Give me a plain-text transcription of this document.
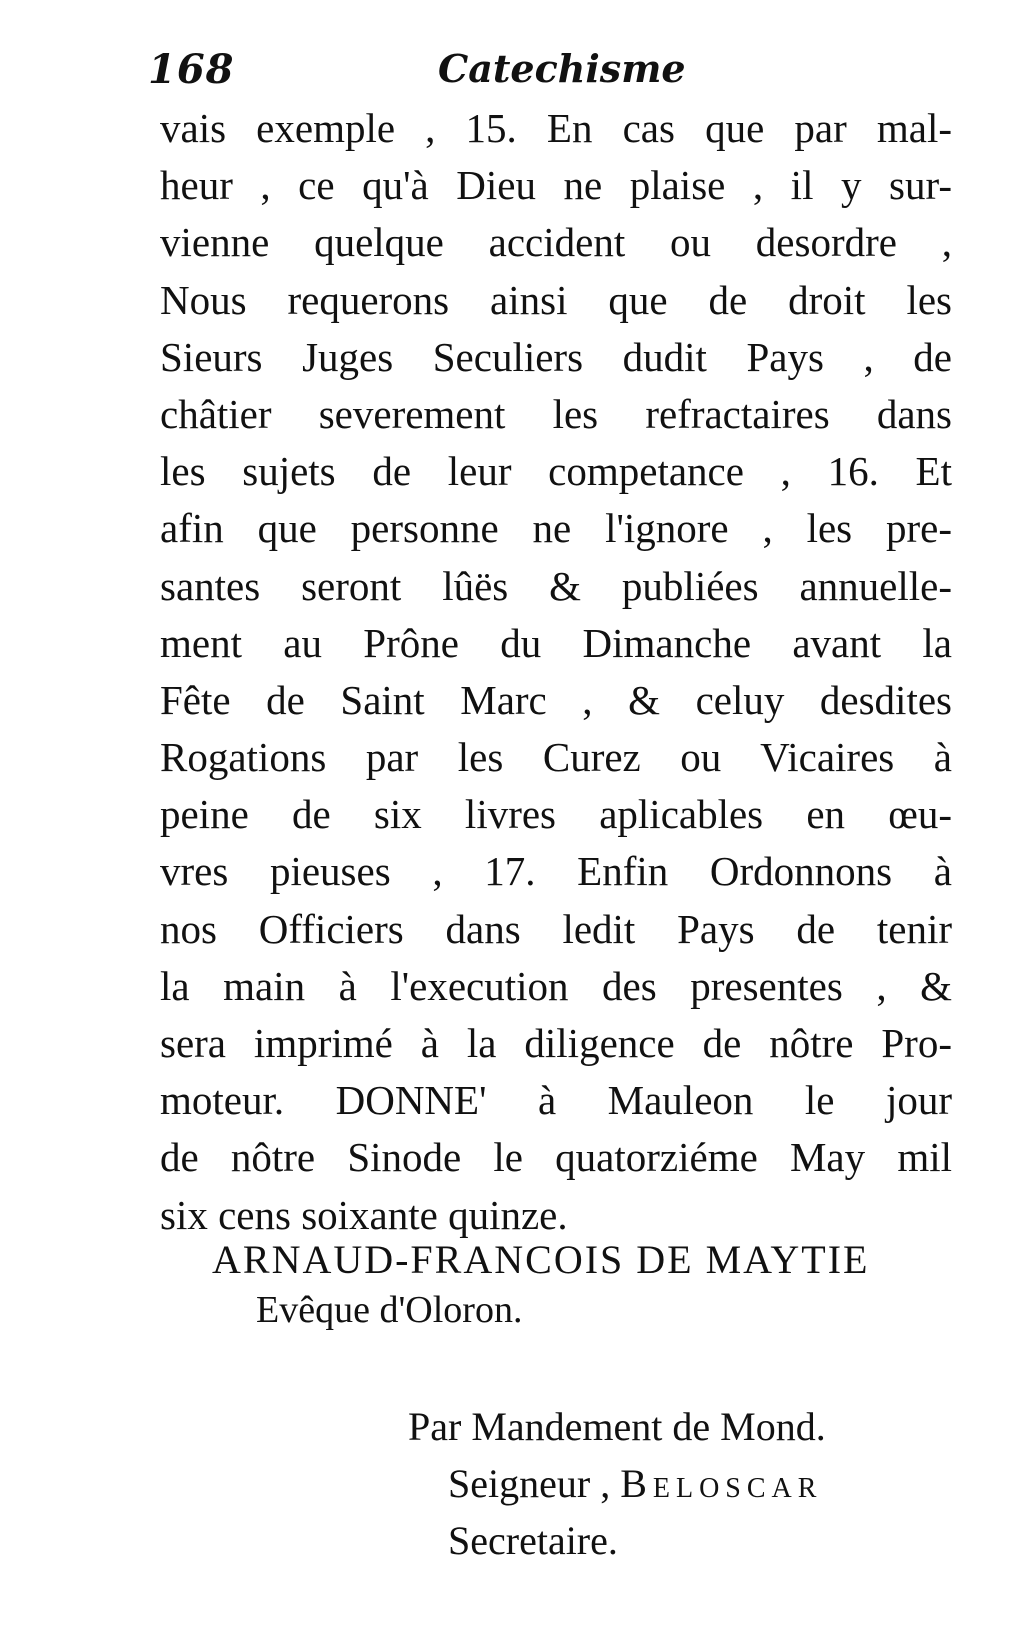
168	Catechisme
vais exemple , 15. En cas que par mal-
heur , ce qu'à Dieu ne plaise , il y sur-
vienne quelque accident ou desordre ,
Nous requerons ainsi que de droit les
Sieurs Juges Seculiers dudit Pays , de
châtier severement les refractaires dans
les sujets de leur competance , 16. Et
afin que personne ne l'ignore , les pre-
santes seront lûës & publiées annuelle-
ment au Prône du Dimanche avant la
Fête de Saint Marc , & celuy desdites
Rogations par les Curez ou Vicaires à
peine de six livres aplicables en œu-
vres pieuses , 17. Enfin Ordonnons à
nos Officiers dans ledit Pays de tenir
la main à l'execution des presentes , &
sera imprimé à la diligence de nôtre Pro-
moteur. DONNE' à Mauleon le jour
de nôtre Sinode le quatorziéme May mil
six cens soixante quinze.
ARNAUD-FRANCOIS DE MAYTIE
Evêque d'Oloron.
Par Mandement de Mond.
Seigneur , Beloscar
Secretaire.
